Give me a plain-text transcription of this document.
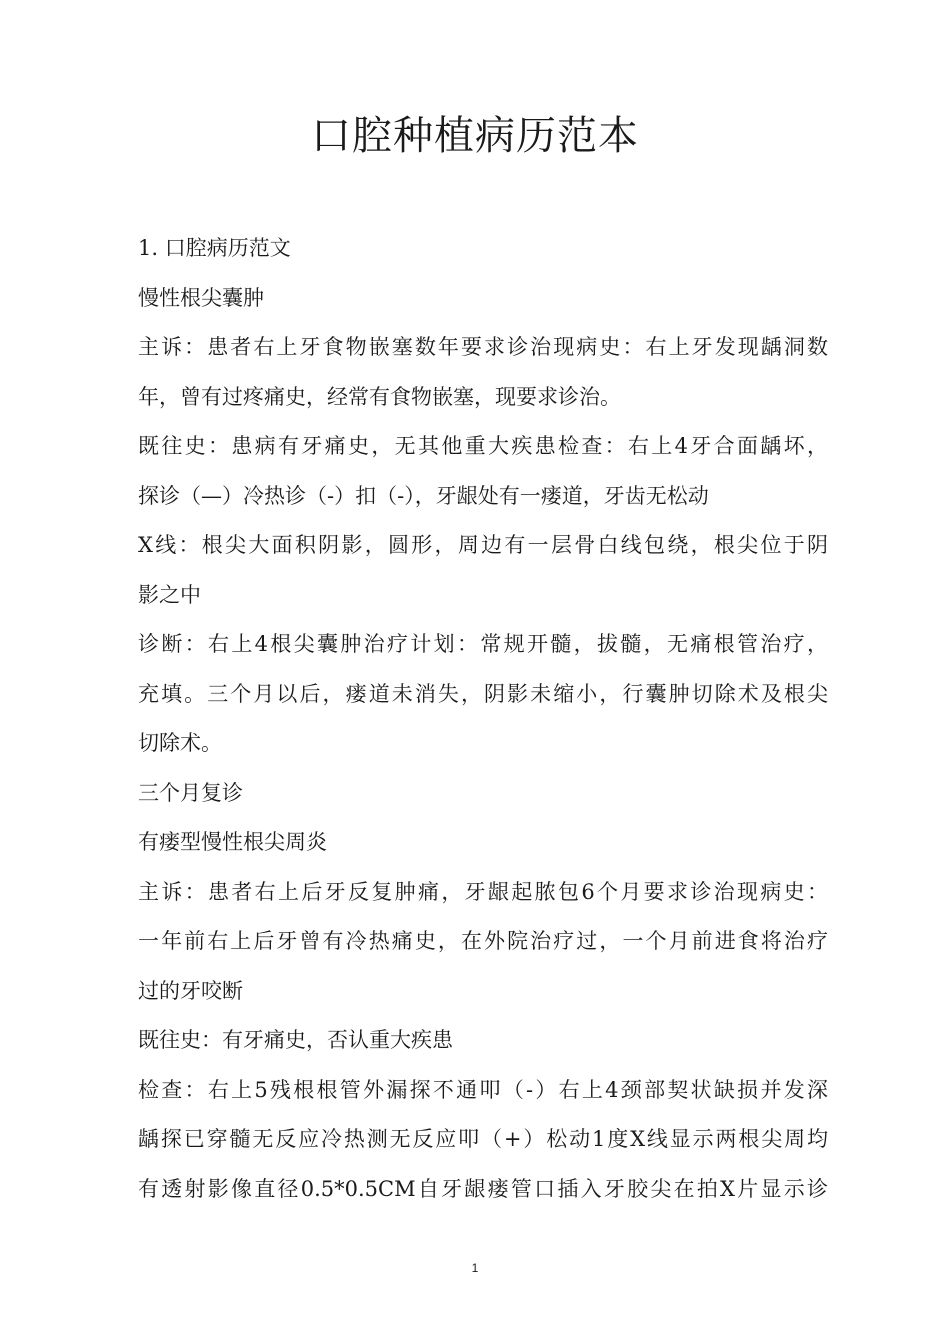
口腔种植病历范本
1. 口腔病历范文
慢性根尖囊肿
主诉：患者右上牙食物嵌塞数年要求诊治现病史：右上牙发现龋洞数
年，曾有过疼痛史，经常有食物嵌塞，现要求诊治。
既往史：患病有牙痛史，无其他重大疾患检查：右上4牙合面龋坏，
探诊（—）冷热诊（-）扣（-），牙龈处有一瘘道，牙齿无松动
X线：根尖大面积阴影，圆形，周边有一层骨白线包绕，根尖位于阴
影之中
诊断：右上4根尖囊肿治疗计划：常规开髓，拔髓，无痛根管治疗，
充填。三个月以后，瘘道未消失，阴影未缩小，行囊肿切除术及根尖
切除术。
三个月复诊
有瘘型慢性根尖周炎
主诉：患者右上后牙反复肿痛，牙龈起脓包6个月要求诊治现病史：
一年前右上后牙曾有冷热痛史，在外院治疗过，一个月前进食将治疗
过的牙咬断
既往史：有牙痛史，否认重大疾患
检查：右上5残根根管外漏探不通叩（-）右上4颈部契状缺损并发深
龋探已穿髓无反应冷热测无反应叩（+）松动1度X线显示两根尖周均
有透射影像直径0.5*0.5CM自牙龈瘘管口插入牙胶尖在拍X片显示诊
1
